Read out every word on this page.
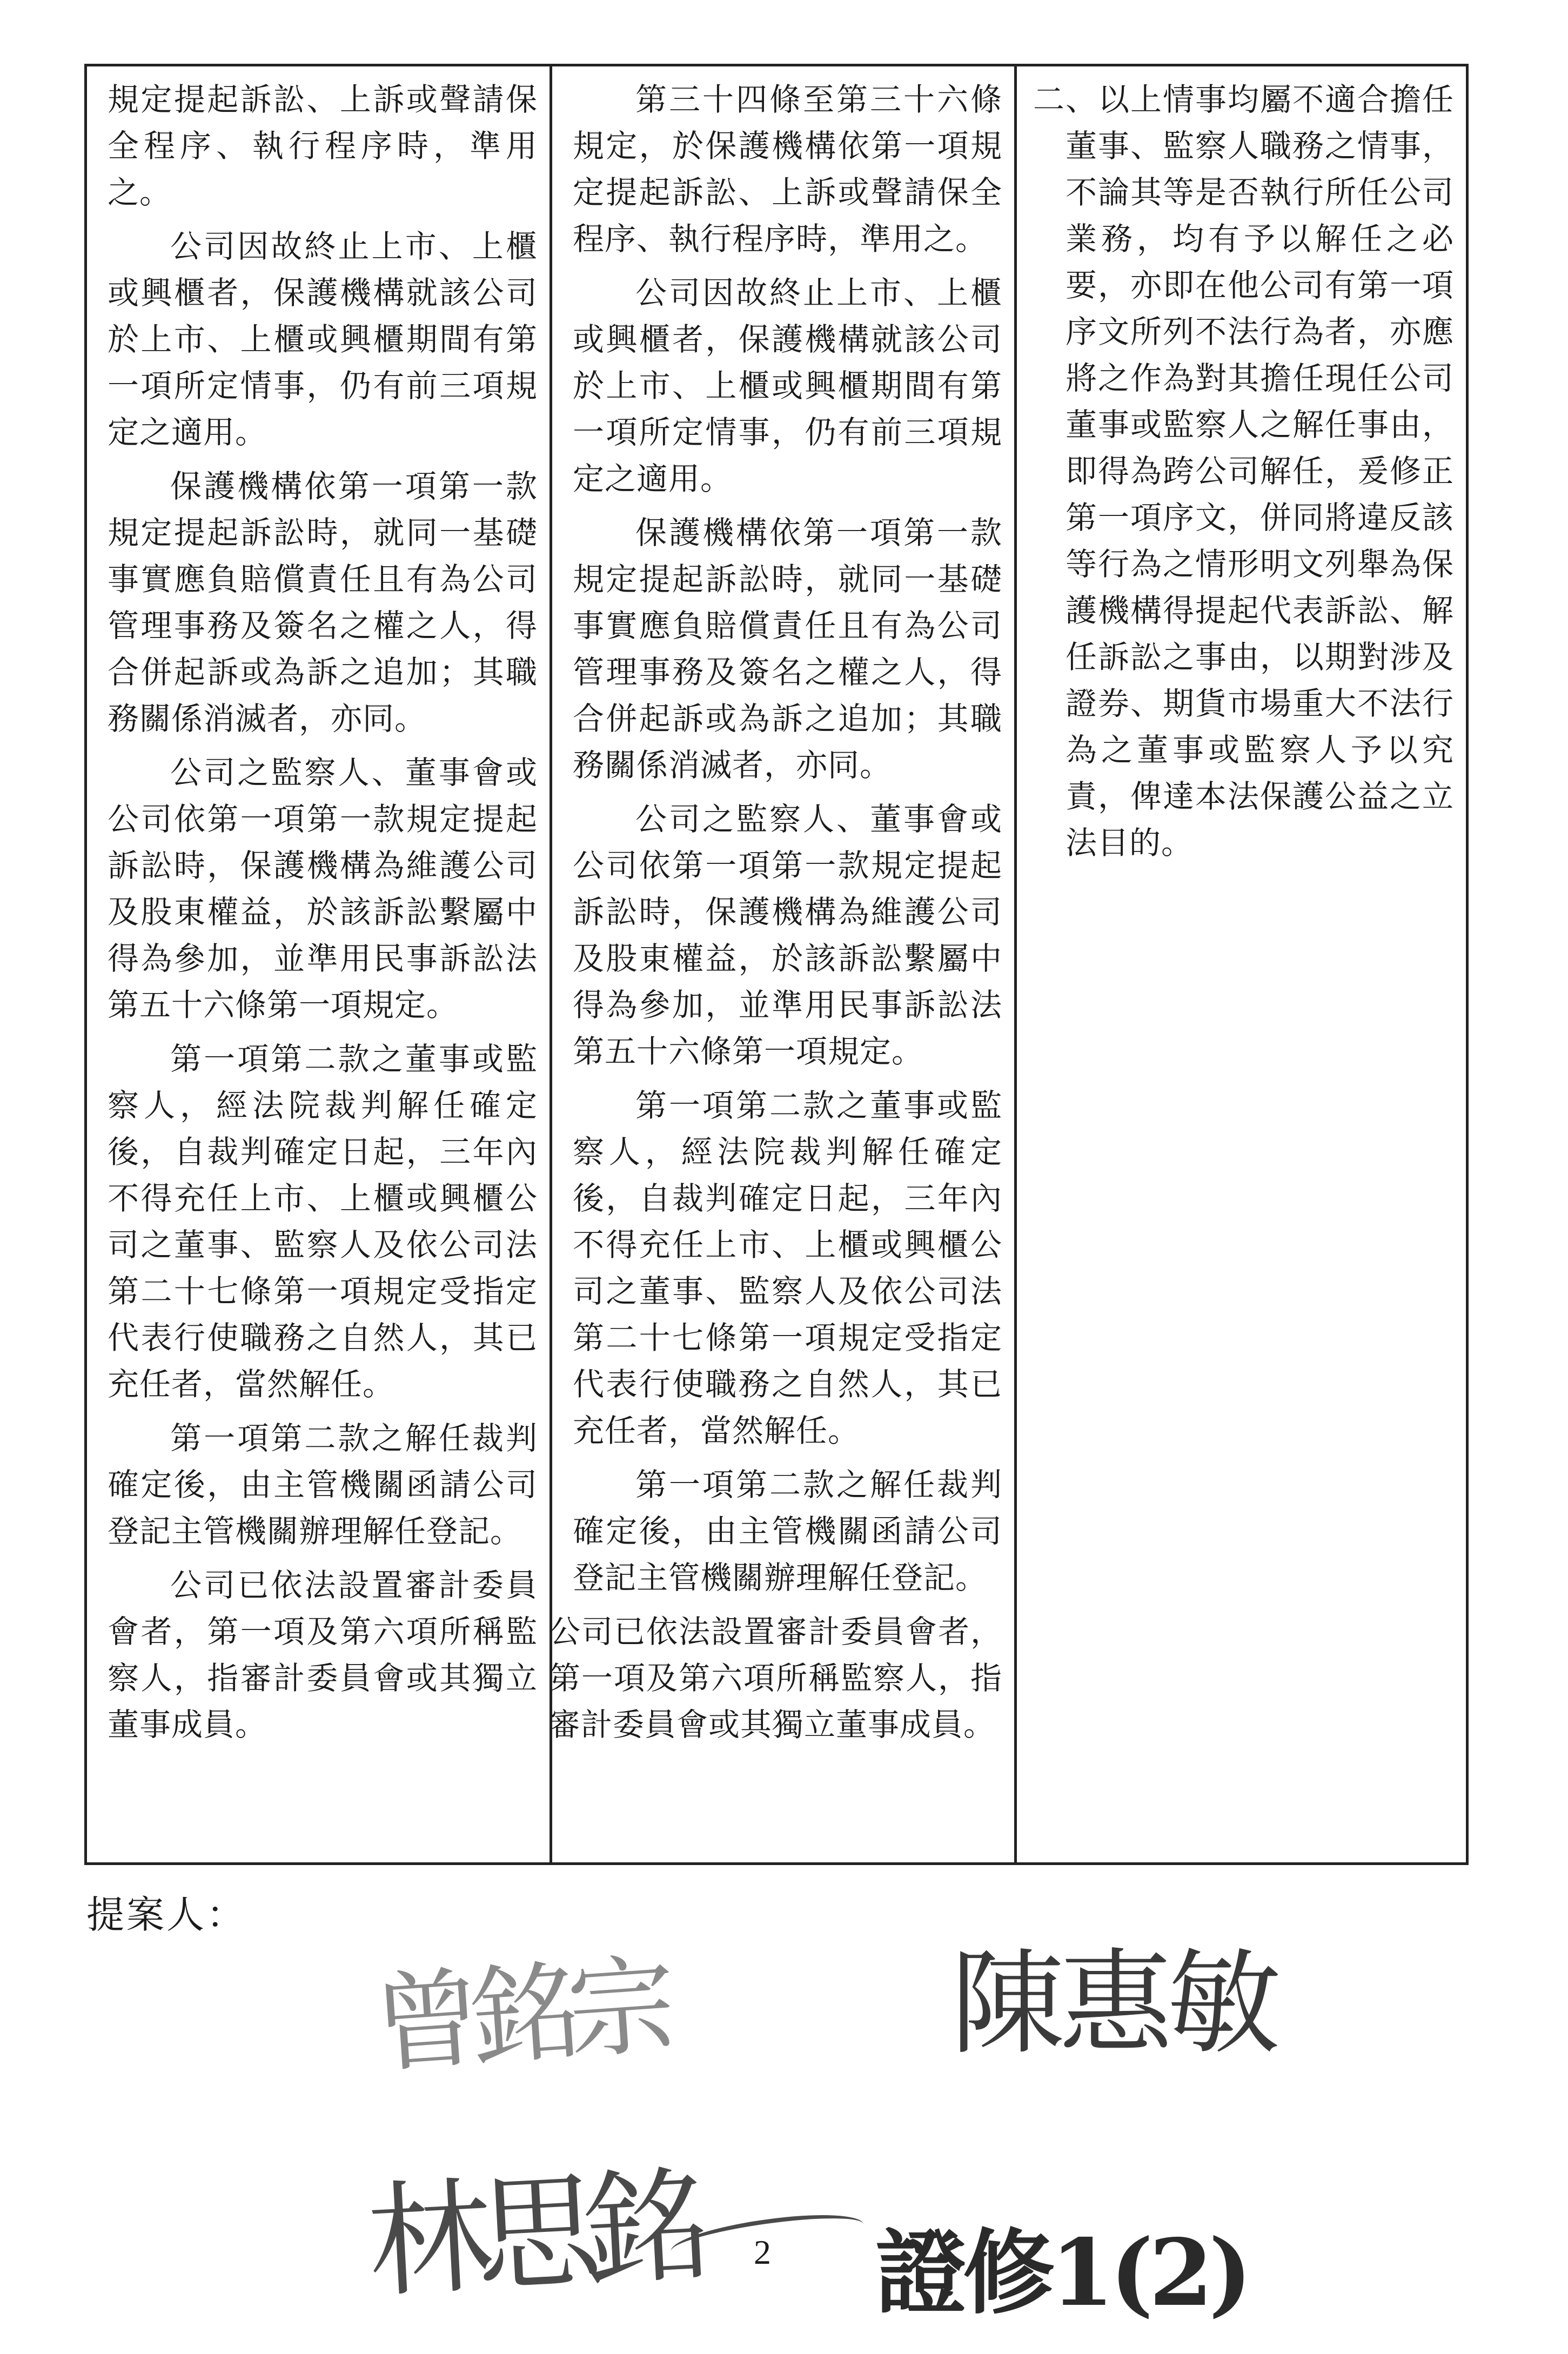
規定提起訴訟、上訴或聲請保全程序、執行程序時，準用之。

公司因故終止上市、上櫃或興櫃者，保護機構就該公司於上市、上櫃或興櫃期間有第一項所定情事，仍有前三項規定之適用。

保護機構依第一項第一款規定提起訴訟時，就同一基礎事實應負賠償責任且有為公司管理事務及簽名之權之人，得合併起訴或為訴之追加；其職務關係消滅者，亦同。

公司之監察人、董事會或公司依第一項第一款規定提起訴訟時，保護機構為維護公司及股東權益，於該訴訟繫屬中得為參加，並準用民事訴訟法第五十六條第一項規定。

第一項第二款之董事或監察人，經法院裁判解任確定後，自裁判確定日起，三年內不得充任上市、上櫃或興櫃公司之董事、監察人及依公司法第二十七條第一項規定受指定代表行使職務之自然人，其已充任者，當然解任。

第一項第二款之解任裁判確定後，由主管機關函請公司登記主管機關辦理解任登記。

公司已依法設置審計委員會者，第一項及第六項所稱監察人，指審計委員會或其獨立董事成員。

第三十四條至第三十六條規定，於保護機構依第一項規定提起訴訟、上訴或聲請保全程序、執行程序時，準用之。

公司因故終止上市、上櫃或興櫃者，保護機構就該公司於上市、上櫃或興櫃期間有第一項所定情事，仍有前三項規定之適用。

保護機構依第一項第一款規定提起訴訟時，就同一基礎事實應負賠償責任且有為公司管理事務及簽名之權之人，得合併起訴或為訴之追加；其職務關係消滅者，亦同。

公司之監察人、董事會或公司依第一項第一款規定提起訴訟時，保護機構為維護公司及股東權益，於該訴訟繫屬中得為參加，並準用民事訴訟法第五十六條第一項規定。

第一項第二款之董事或監察人，經法院裁判解任確定後，自裁判確定日起，三年內不得充任上市、上櫃或興櫃公司之董事、監察人及依公司法第二十七條第一項規定受指定代表行使職務之自然人，其已充任者，當然解任。

第一項第二款之解任裁判確定後，由主管機關函請公司登記主管機關辦理解任登記。

公司已依法設置審計委員會者，第一項及第六項所稱監察人，指審計委員會或其獨立董事成員。

二、以上情事均屬不適合擔任董事、監察人職務之情事，不論其等是否執行所任公司業務，均有予以解任之必要，亦即在他公司有第一項序文所列不法行為者，亦應將之作為對其擔任現任公司董事或監察人之解任事由，即得為跨公司解任，爰修正第一項序文，併同將違反該等行為之情形明文列舉為保護機構得提起代表訴訟、解任訴訟之事由，以期對涉及證券、期貨市場重大不法行為之董事或監察人予以究責，俾達本法保護公益之立法目的。

提案人：
曾銘宗 陳惠敏
林思銘 2 證修1(2)
